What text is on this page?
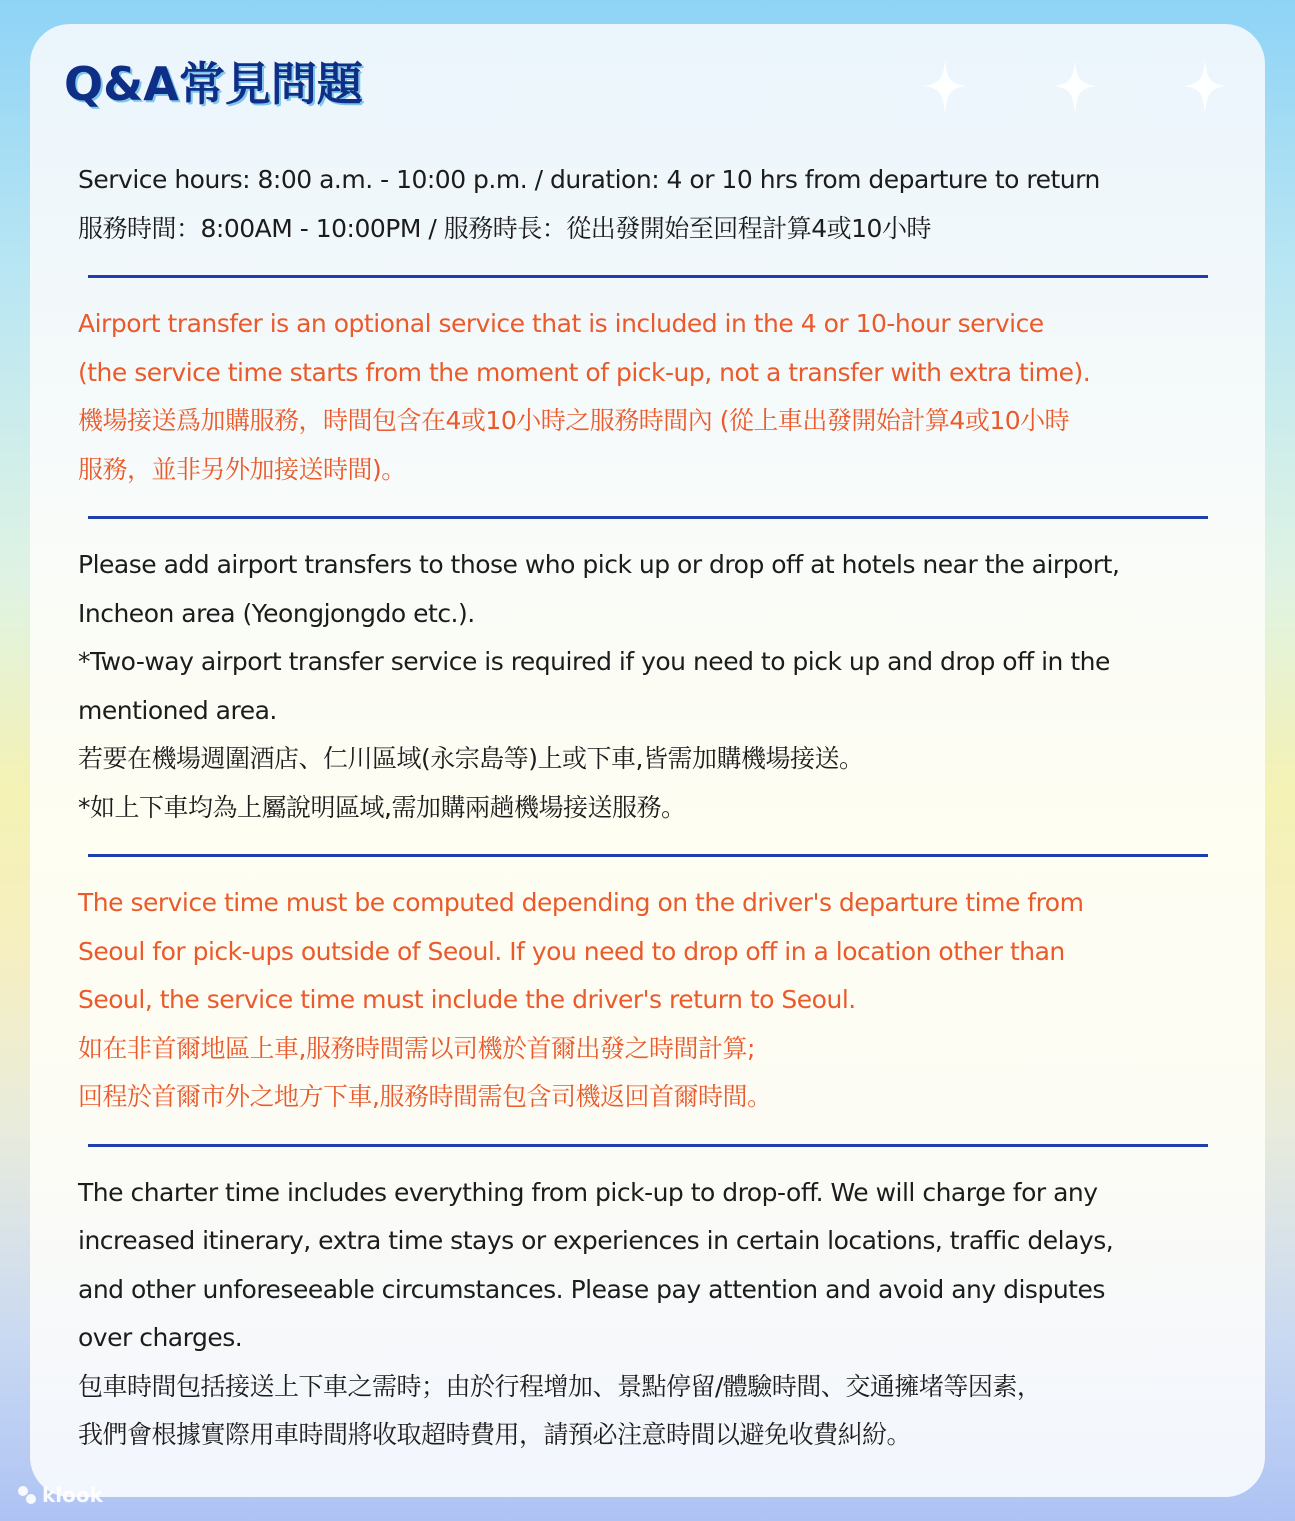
Q&A常見問題
Service hours: 8:00 a.m. - 10:00 p.m. / duration: 4 or 10 hrs from departure to return
服務時間：8:00AM - 10:00PM / 服務時長：從出發開始至回程計算4或10小時
Airport transfer is an optional service that is included in the 4 or 10-hour service
(the service time starts from the moment of pick-up, not a transfer with extra time).
機場接送爲加購服務，時間包含在4或10小時之服務時間內 (從上車出發開始計算4或10小時
服務，並非另外加接送時間)。
Please add airport transfers to those who pick up or drop off at hotels near the airport,
Incheon area (Yeongjongdo etc.).
*Two-way airport transfer service is required if you need to pick up and drop off in the
mentioned area.
若要在機場週圍酒店、仁川區域(永宗島等)上或下車,皆需加購機場接送。
*如上下車均為上屬說明區域,需加購兩趟機場接送服務。
The service time must be computed depending on the driver's departure time from
Seoul for pick-ups outside of Seoul. If you need to drop off in a location other than
Seoul, the service time must include the driver's return to Seoul.
如在非首爾地區上車,服務時間需以司機於首爾出發之時間計算;
回程於首爾市外之地方下車,服務時間需包含司機返回首爾時間。
The charter time includes everything from pick-up to drop-off. We will charge for any
increased itinerary, extra time stays or experiences in certain locations, traffic delays,
and other unforeseeable circumstances. Please pay attention and avoid any disputes
over charges.
包車時間包括接送上下車之需時；由於行程增加、景點停留/體驗時間、交通擁堵等因素，
我們會根據實際用車時間將收取超時費用，請預必注意時間以避免收費糾紛。
klook
